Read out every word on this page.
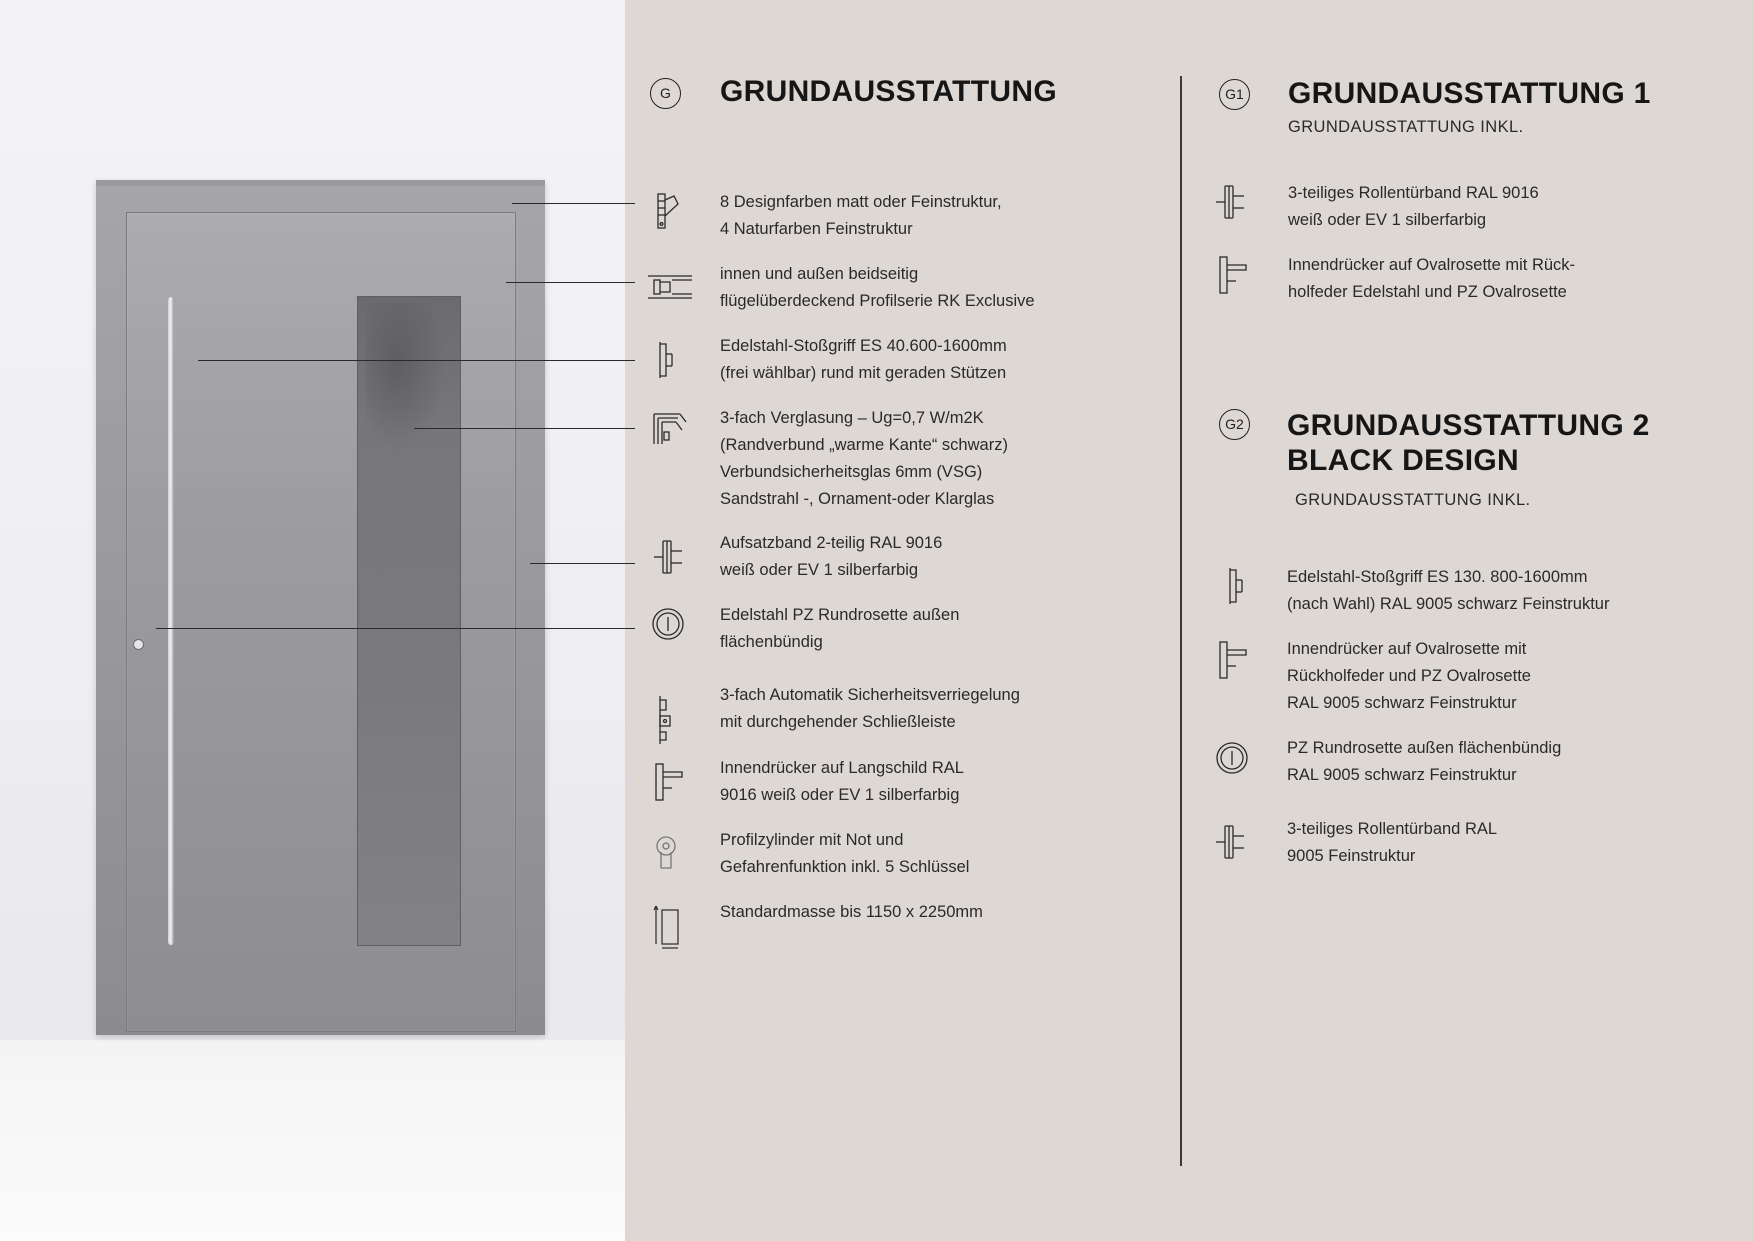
G	GRUNDAUSSTATTUNG
8 Designfarben matt oder Feinstruktur,
4 Naturfarben Feinstruktur
innen und außen beidseitig
flügelüberdeckend Profilserie RK Exclusive
Edelstahl-Stoßgriff ES 40.600-1600mm
(frei wählbar) rund mit geraden Stützen
3-fach Verglasung – Ug=0,7 W/m2K
(Randverbund „warme Kante“ schwarz)
Verbundsicherheitsglas 6mm (VSG)
Sandstrahl -, Ornament-oder Klarglas
Aufsatzband 2-teilig RAL 9016
weiß oder EV 1 silberfarbig
Edelstahl PZ Rundrosette außen
flächenbündig
3-fach Automatik Sicherheitsverriegelung
mit durchgehender Schließleiste
Innendrücker auf Langschild RAL
9016 weiß oder EV 1 silberfarbig
Profilzylinder mit Not und
Gefahrenfunktion inkl. 5 Schlüssel
Standardmasse bis 1150 x 2250mm
G1 GRUNDAUSSTATTUNG 1
GRUNDAUSSTATTUNG INKL.
3-teiliges Rollentürband RAL 9016
weiß oder EV 1 silberfarbig
Innendrücker auf Ovalrosette mit Rück-
holfeder Edelstahl und PZ Ovalrosette
G2 GRUNDAUSSTATTUNG 2
BLACK DESIGN
GRUNDAUSSTATTUNG INKL.
Edelstahl-Stoßgriff ES 130. 800-1600mm
(nach Wahl) RAL 9005 schwarz Feinstruktur
Innendrücker auf Ovalrosette mit
Rückholfeder und PZ Ovalrosette
RAL 9005 schwarz Feinstruktur
PZ Rundrosette außen flächenbündig
RAL 9005 schwarz Feinstruktur
3-teiliges Rollentürband RAL
9005 Feinstruktur
